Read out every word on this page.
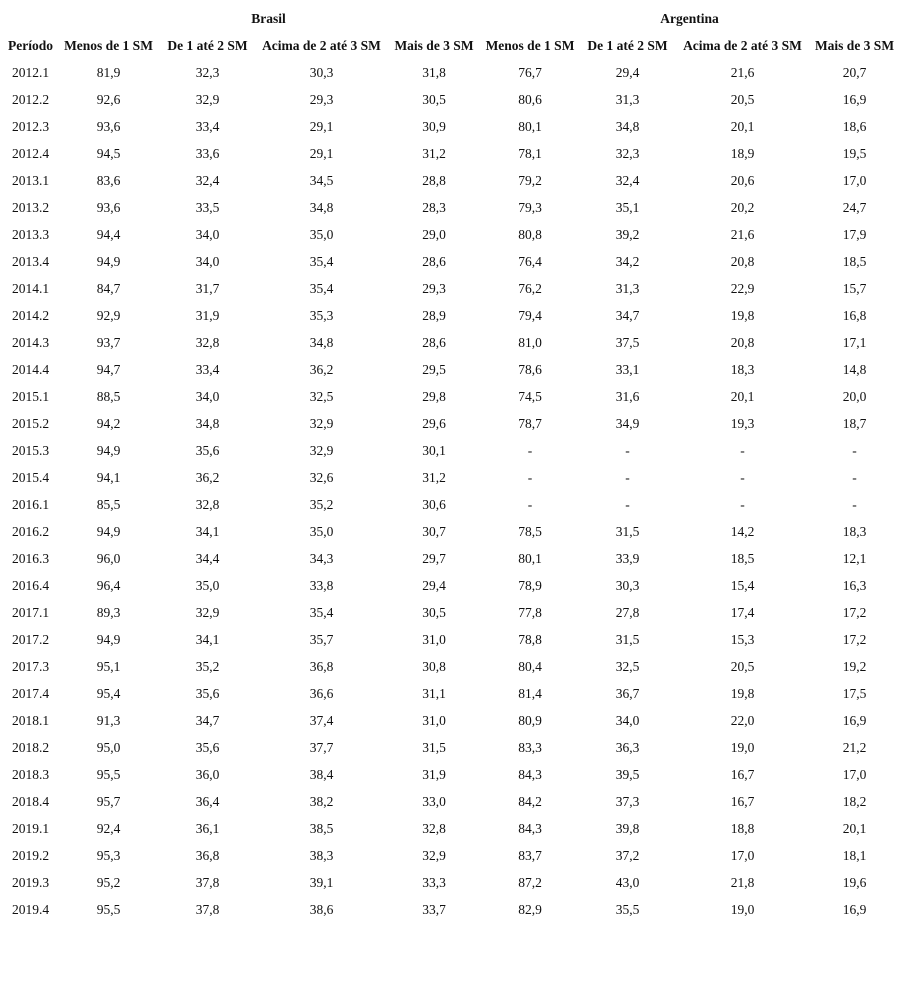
	Brasil				Argentina			
Período	Menos de 1 SM	De 1 até 2 SM	Acima de 2 até 3 SM	Mais de 3 SM	Menos de 1 SM	De 1 até 2 SM	Acima de 2 até 3 SM	Mais de 3 SM
2012.1	81,9	32,3	30,3	31,8	76,7	29,4	21,6	20,7
2012.2	92,6	32,9	29,3	30,5	80,6	31,3	20,5	16,9
2012.3	93,6	33,4	29,1	30,9	80,1	34,8	20,1	18,6
2012.4	94,5	33,6	29,1	31,2	78,1	32,3	18,9	19,5
2013.1	83,6	32,4	34,5	28,8	79,2	32,4	20,6	17,0
2013.2	93,6	33,5	34,8	28,3	79,3	35,1	20,2	24,7
2013.3	94,4	34,0	35,0	29,0	80,8	39,2	21,6	17,9
2013.4	94,9	34,0	35,4	28,6	76,4	34,2	20,8	18,5
2014.1	84,7	31,7	35,4	29,3	76,2	31,3	22,9	15,7
2014.2	92,9	31,9	35,3	28,9	79,4	34,7	19,8	16,8
2014.3	93,7	32,8	34,8	28,6	81,0	37,5	20,8	17,1
2014.4	94,7	33,4	36,2	29,5	78,6	33,1	18,3	14,8
2015.1	88,5	34,0	32,5	29,8	74,5	31,6	20,1	20,0
2015.2	94,2	34,8	32,9	29,6	78,7	34,9	19,3	18,7
2015.3	94,9	35,6	32,9	30,1	-	-	-	-
2015.4	94,1	36,2	32,6	31,2	-	-	-	-
2016.1	85,5	32,8	35,2	30,6	-	-	-	-
2016.2	94,9	34,1	35,0	30,7	78,5	31,5	14,2	18,3
2016.3	96,0	34,4	34,3	29,7	80,1	33,9	18,5	12,1
2016.4	96,4	35,0	33,8	29,4	78,9	30,3	15,4	16,3
2017.1	89,3	32,9	35,4	30,5	77,8	27,8	17,4	17,2
2017.2	94,9	34,1	35,7	31,0	78,8	31,5	15,3	17,2
2017.3	95,1	35,2	36,8	30,8	80,4	32,5	20,5	19,2
2017.4	95,4	35,6	36,6	31,1	81,4	36,7	19,8	17,5
2018.1	91,3	34,7	37,4	31,0	80,9	34,0	22,0	16,9
2018.2	95,0	35,6	37,7	31,5	83,3	36,3	19,0	21,2
2018.3	95,5	36,0	38,4	31,9	84,3	39,5	16,7	17,0
2018.4	95,7	36,4	38,2	33,0	84,2	37,3	16,7	18,2
2019.1	92,4	36,1	38,5	32,8	84,3	39,8	18,8	20,1
2019.2	95,3	36,8	38,3	32,9	83,7	37,2	17,0	18,1
2019.3	95,2	37,8	39,1	33,3	87,2	43,0	21,8	19,6
2019.4	95,5	37,8	38,6	33,7	82,9	35,5	19,0	16,9
